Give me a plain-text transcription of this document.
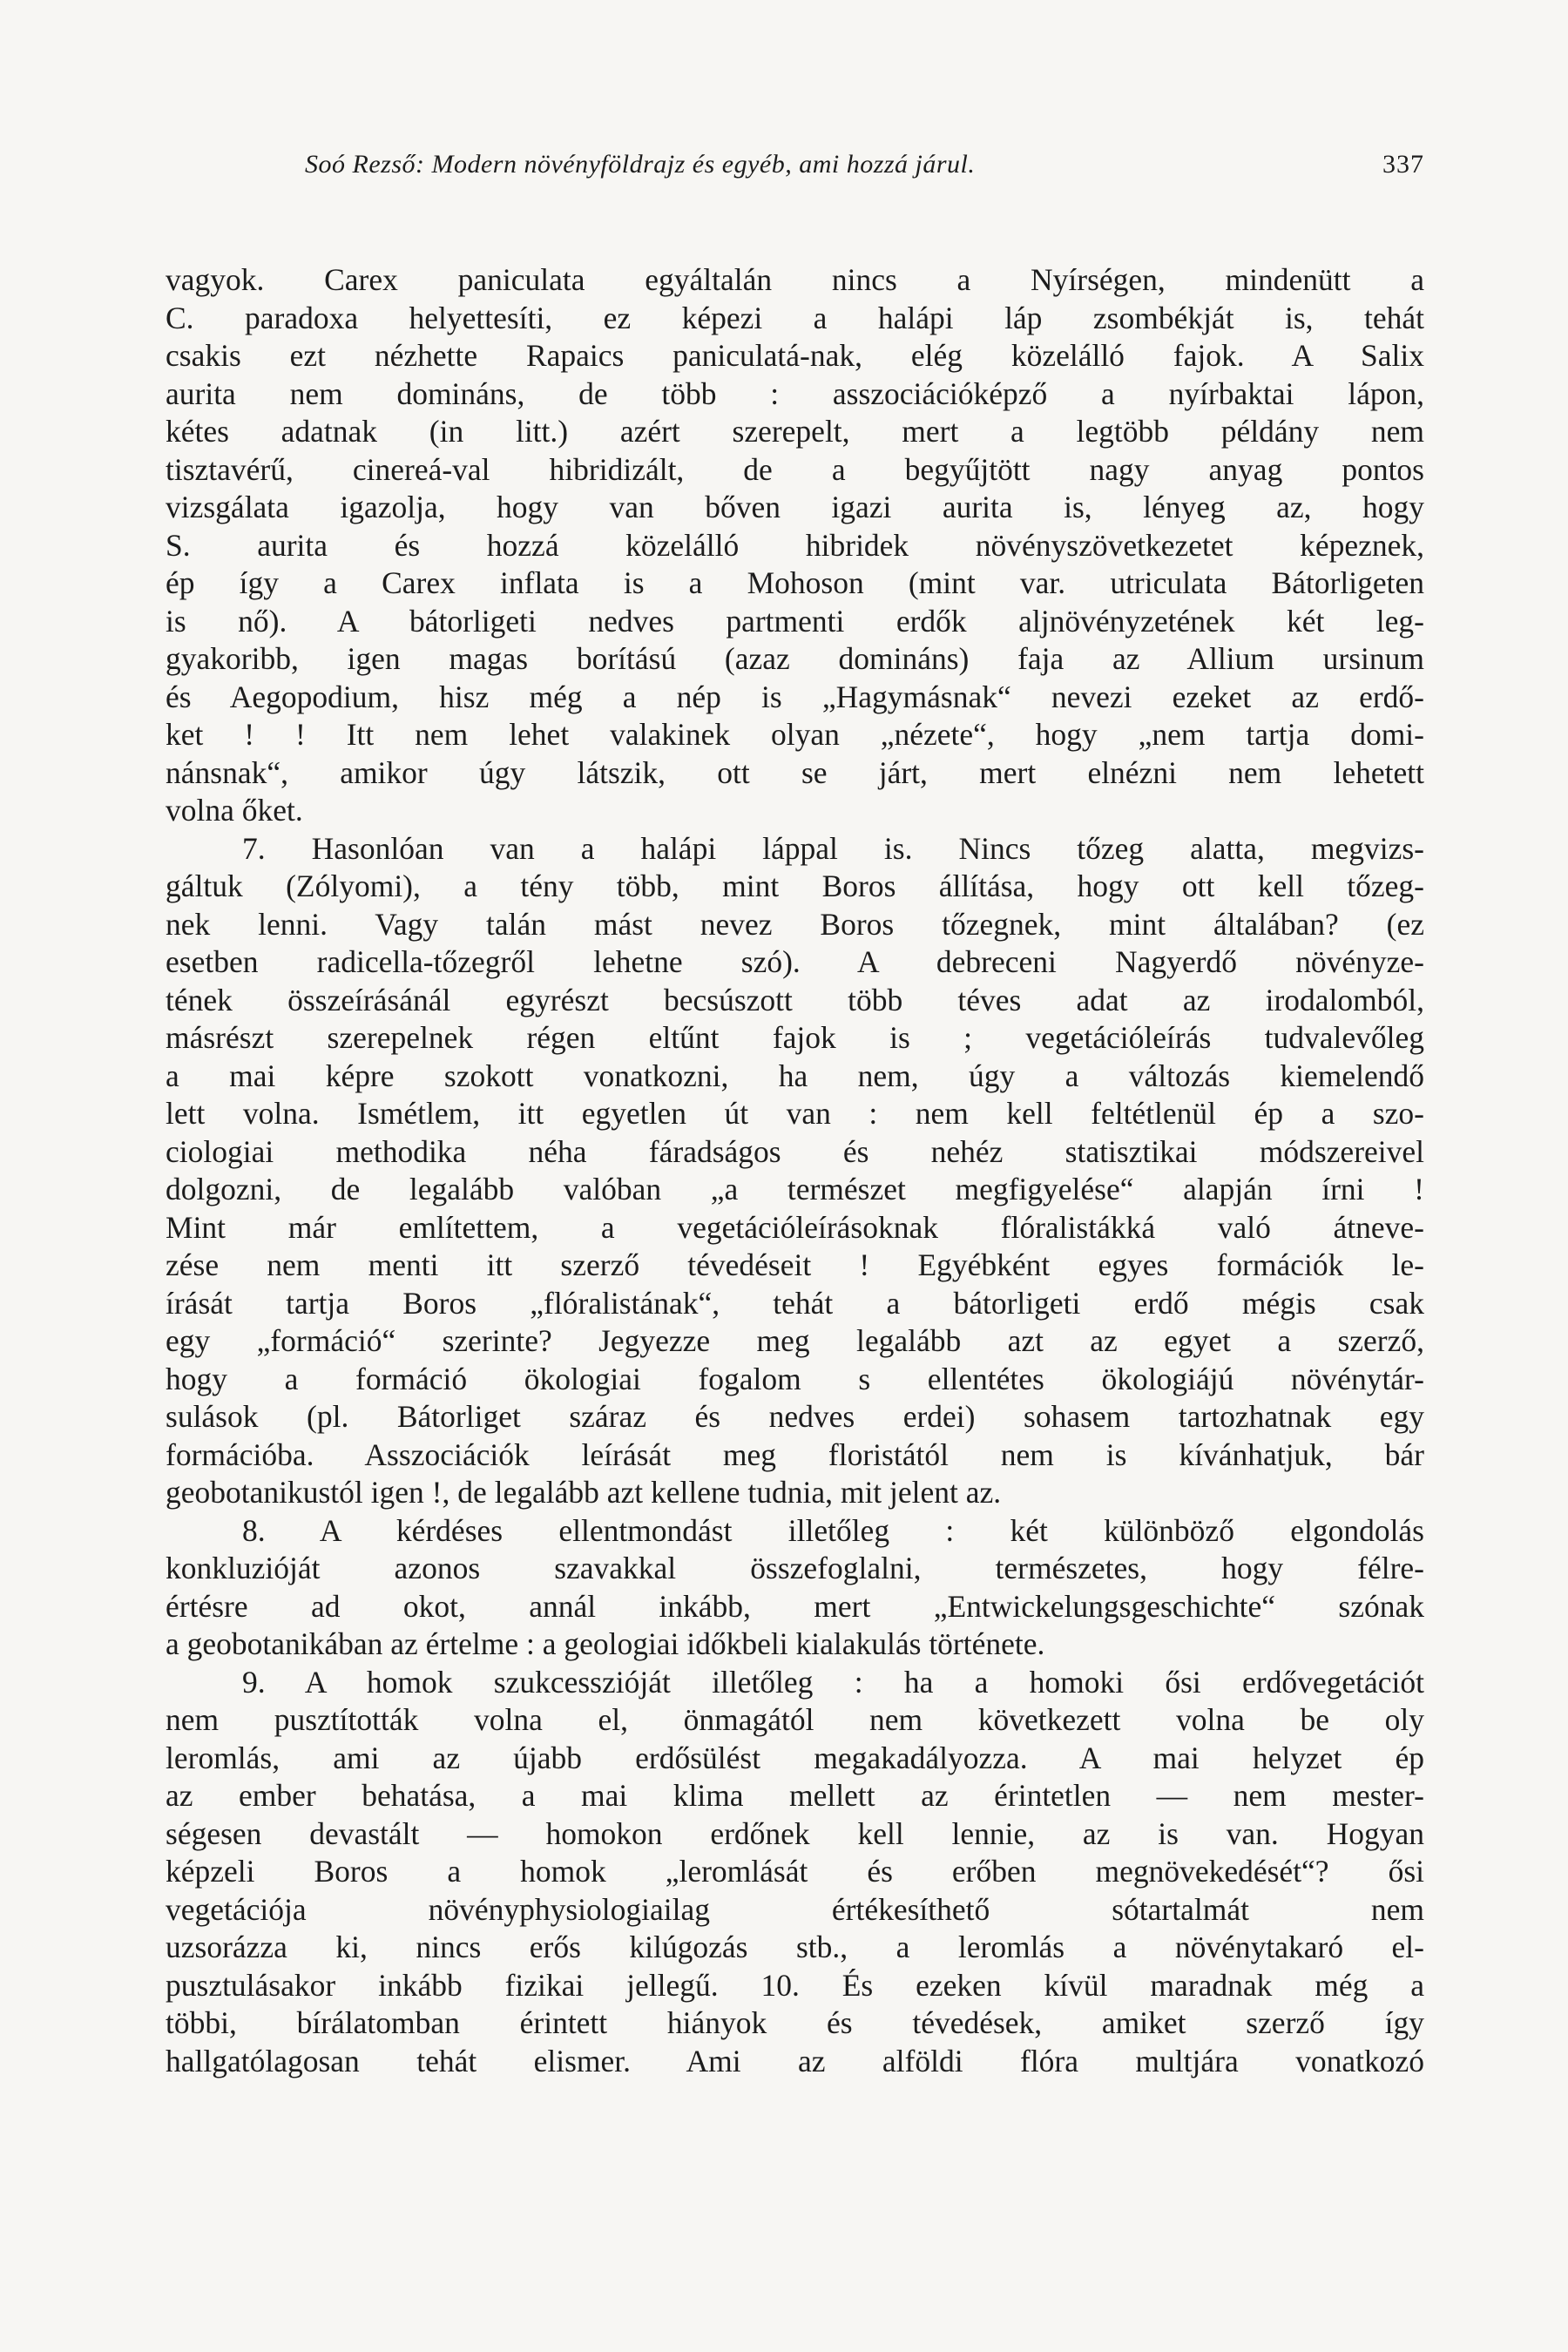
Soó Rezső: Modern növényföldrajz és egyéb, ami hozzá járul.	337
vagyok. Carex paniculata egyáltalán nincs a Nyírségen, mindenütt a
C. paradoxa helyettesíti, ez képezi a halápi láp zsombékját is, tehát
csakis ezt nézhette Rapaics paniculatá-nak, elég közelálló fajok. A Salix
aurita nem domináns, de több : asszociációképző a nyírbaktai lápon,
kétes adatnak (in litt.) azért szerepelt, mert a legtöbb példány nem
tisztavérű, cinereá-val hibridizált, de a begyűjtött nagy anyag pontos
vizsgálata igazolja, hogy van bőven igazi aurita is, lényeg az, hogy
S. aurita és hozzá közelálló hibridek növényszövetkezetet képeznek,
ép így a Carex inflata is a Mohoson (mint var. utriculata Bátorligeten
is nő). A bátorligeti nedves partmenti erdők aljnövényzetének két leg-
gyakoribb, igen magas borítású (azaz domináns) faja az Allium ursinum
és Aegopodium, hisz még a nép is „Hagymásnak“ nevezi ezeket az erdő-
ket ! ! Itt nem lehet valakinek olyan „nézete“, hogy „nem tartja domi-
nánsnak“, amikor úgy látszik, ott se járt, mert elnézni nem lehetett
volna őket.
7. Hasonlóan van a halápi láppal is. Nincs tőzeg alatta, megvizs-
gáltuk (Zólyomi), a tény több, mint Boros állítása, hogy ott kell tőzeg-
nek lenni. Vagy talán mást nevez Boros tőzegnek, mint általában? (ez
esetben radicella-tőzegről lehetne szó). A debreceni Nagyerdő növényze-
tének összeírásánál egyrészt becsúszott több téves adat az irodalomból,
másrészt szerepelnek régen eltűnt fajok is ; vegetációleírás tudvalevőleg
a mai képre szokott vonatkozni, ha nem, úgy a változás kiemelendő
lett volna. Ismétlem, itt egyetlen út van : nem kell feltétlenül ép a szo-
ciologiai methodika néha fáradságos és nehéz statisztikai módszereivel
dolgozni, de legalább valóban „a természet megfigyelése“ alapján írni !
Mint már említettem, a vegetációleírásoknak flóralistákká való átneve-
zése nem menti itt szerző tévedéseit ! Egyébként egyes formációk le-
írását tartja Boros „flóralistának“, tehát a bátorligeti erdő mégis csak
egy „formáció“ szerinte? Jegyezze meg legalább azt az egyet a szerző,
hogy a formáció ökologiai fogalom s ellentétes ökologiájú növénytár-
sulások (pl. Bátorliget száraz és nedves erdei) sohasem tartozhatnak egy
formációba. Asszociációk leírását meg floristától nem is kívánhatjuk, bár
geobotanikustól igen !, de legalább azt kellene tudnia, mit jelent az.
8. A kérdéses ellentmondást illetőleg : két különböző elgondolás
konkluzióját azonos szavakkal összefoglalni, természetes, hogy félre-
értésre ad okot, annál inkább, mert „Entwickelungsgeschichte“ szónak
a geobotanikában az értelme : a geologiai időkbeli kialakulás története.
9. A homok szukcesszióját illetőleg : ha a homoki ősi erdővegetációt
nem pusztították volna el, önmagától nem következett volna be oly
leromlás, ami az újabb erdősülést megakadályozza. A mai helyzet ép
az ember behatása, a mai klima mellett az érintetlen — nem mester-
ségesen devastált — homokon erdőnek kell lennie, az is van. Hogyan
képzeli Boros a homok „leromlását és erőben megnövekedését“? ősi
vegetációja növényphysiologiailag értékesíthető sótartalmát nem
uzsorázza ki, nincs erős kilúgozás stb., a leromlás a növénytakaró el-
pusztulásakor inkább fizikai jellegű. 10. És ezeken kívül maradnak még a
többi, bírálatomban érintett hiányok és tévedések, amiket szerző így
hallgatólagosan tehát elismer. Ami az alföldi flóra multjára vonatkozó
